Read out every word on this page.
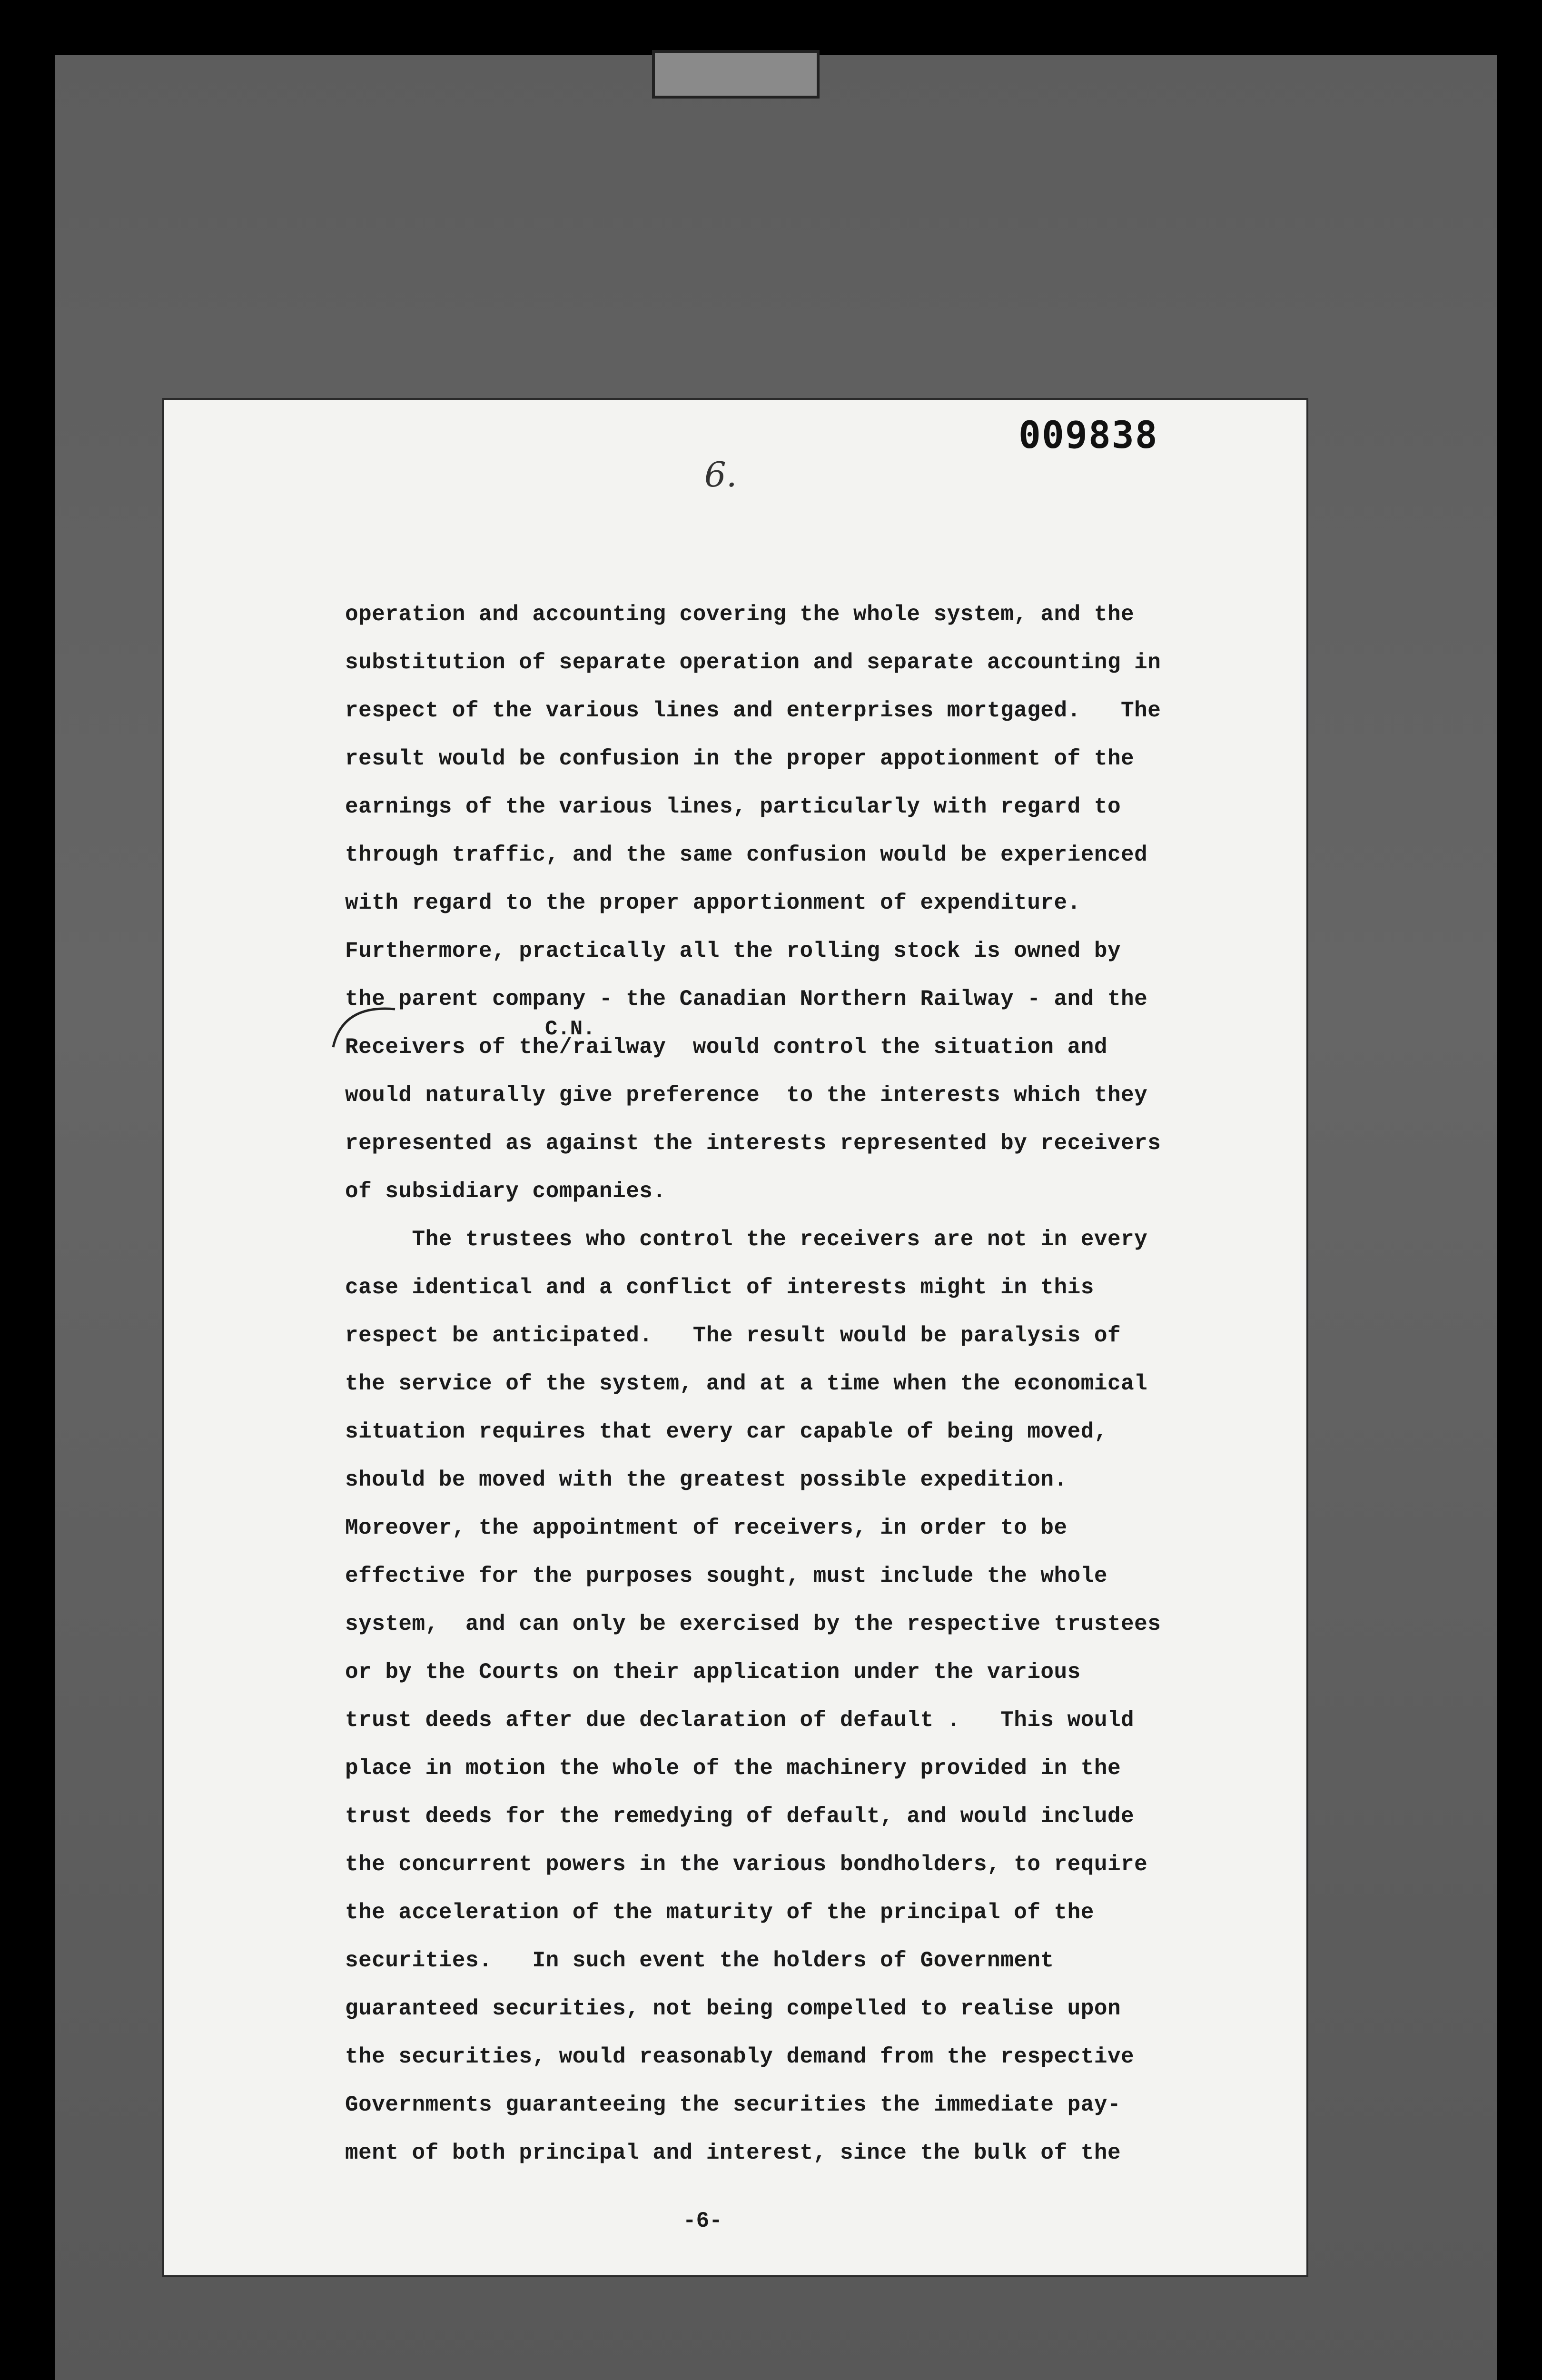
009838
6.
operation and accounting covering the whole system, and the
substitution of separate operation and separate accounting in
respect of the various lines and enterprises mortgaged.   The
result would be confusion in the proper appotionment of the
earnings of the various lines, particularly with regard to
through traffic, and the same confusion would be experienced
with regard to the proper apportionment of expenditure.
Furthermore, practically all the rolling stock is owned by
the parent company - the Canadian Northern Railway - and the
Receivers of the/railway  would control the situation and
would naturally give preference  to the interests which they
represented as against the interests represented by receivers
of subsidiary companies.
The trustees who control the receivers are not in every
case identical and a conflict of interests might in this
respect be anticipated.   The result would be paralysis of
the service of the system, and at a time when the economical
situation requires that every car capable of being moved,
should be moved with the greatest possible expedition.
Moreover, the appointment of receivers, in order to be
effective for the purposes sought, must include the whole
system,  and can only be exercised by the respective trustees
or by the Courts on their application under the various
trust deeds after due declaration of default .   This would
place in motion the whole of the machinery provided in the
trust deeds for the remedying of default, and would include
the concurrent powers in the various bondholders, to require
the acceleration of the maturity of the principal of the
securities.   In such event the holders of Government
guaranteed securities, not being compelled to realise upon
the securities, would reasonably demand from the respective
Governments guaranteeing the securities the immediate pay-
ment of both principal and interest, since the bulk of the
C.N.
-6-
